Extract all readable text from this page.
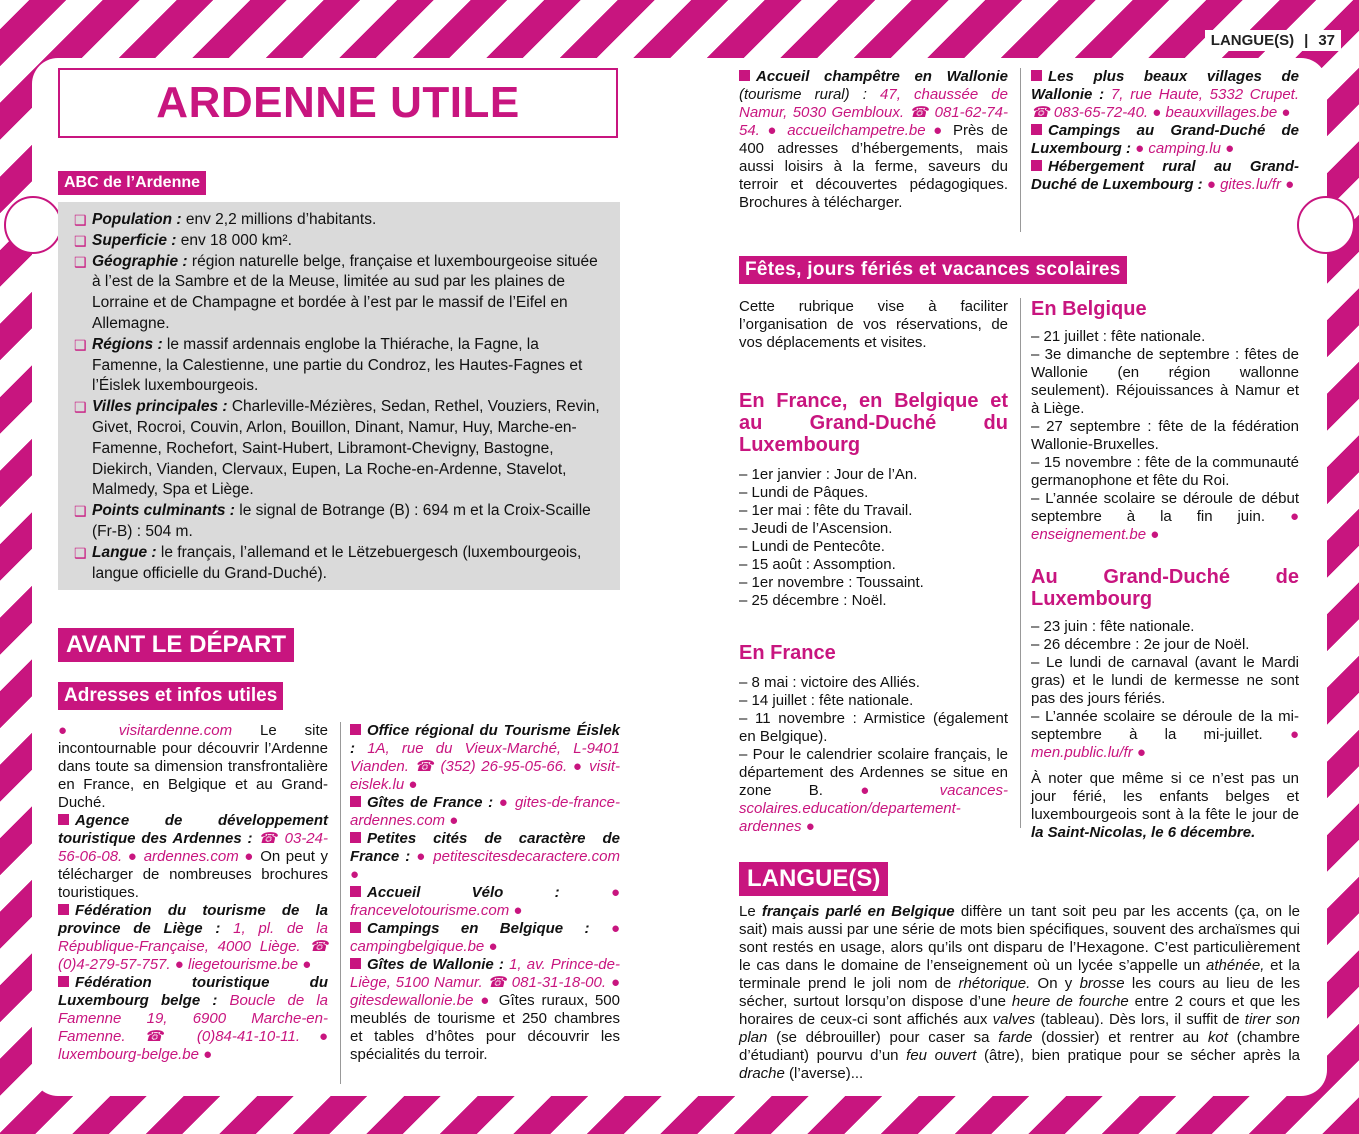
LANGUE(S) | 37
ARDENNE UTILE
ABC de l’Ardenne
❑ Population : env 2,2 millions d’habitants.
❑ Superficie : env 18 000 km².
❑ Géographie : région naturelle belge, française et luxembourgeoise située à l’est de la Sambre et de la Meuse, limitée au sud par les plaines de Lorraine et de Champagne et bordée à l’est par le massif de l’Eifel en Allemagne.
❑ Régions : le massif ardennais englobe la Thiérache, la Fagne, la Famenne, la Calestienne, une partie du Condroz, les Hautes-Fagnes et l’Éislek luxembourgeois.
❑ Villes principales : Charleville-Mézières, Sedan, Rethel, Vouziers, Revin, Givet, Rocroi, Couvin, Arlon, Bouillon, Dinant, Namur, Huy, Marche-en-Famenne, Rochefort, Saint-Hubert, Libramont-Chevigny, Bastogne, Diekirch, Vianden, Clervaux, Eupen, La Roche-en-Ardenne, Stavelot, Malmedy, Spa et Liège.
❑ Points culminants : le signal de Botrange (B) : 694 m et la Croix-Scaille (Fr-B) : 504 m.
❑ Langue : le français, l’allemand et le Lëtzebuergesch (luxembourgeois, langue officielle du Grand-Duché).
AVANT LE DÉPART
Adresses et infos utiles

● visitardenne.com Le site incontournable pour découvrir l’Ardenne dans toute sa dimension transfrontalière en France, en Belgique et au Grand-Duché.

Agence de développement touristique des Ardennes : ☎ 03-24-56-06-08. ● ardennes.com ● On peut y télécharger de nombreuses brochures touristiques.

Fédération du tourisme de la province de Liège : 1, pl. de la République-Française, 4000 Liège. ☎ (0)4-279-57-757. ● liegetourisme.be ●

Fédération touristique du Luxembourg belge : Boucle de la Famenne 19, 6900 Marche-en-Famenne. ☎ (0)84-41-10-11. ● luxembourg-belge.be ●

Office régional du Tourisme Éislek : 1A, rue du Vieux-Marché, L-9401 Vianden. ☎ (352) 26-95-05-66. ● visit-eislek.lu ●

Gîtes de France : ● gites-de-france-ardennes.com ●

Petites cités de caractère de France : ● petitescitesdecaractere.com ●

Accueil Vélo :	● francevelotourisme.com ●

Campings en Belgique : ● campingbelgique.be ●

Gîtes de Wallonie : 1, av. Prince-de-Liège, 5100 Namur. ☎ 081-31-18-00. ● gitesdewallonie.be ● Gîtes ruraux, 500 meublés de tourisme et 250 chambres et tables d’hôtes pour découvrir les spécialités du terroir.

Accueil champêtre en Wallonie (tourisme rural) : 47, chaussée de Namur, 5030 Gembloux. ☎ 081-62-74-54. ● accueilchampetre.be ● Près de 400 adresses d’hébergements, mais aussi loisirs à la ferme, saveurs du terroir et découvertes pédagogiques. Brochures à télécharger.

Les plus beaux villages de Wallonie : 7, rue Haute, 5332 Crupet. ☎ 083-65-72-40. ● beauxvillages.be ●

Campings au Grand-Duché de Luxembourg : ● camping.lu ●

Hébergement rural au Grand-Duché de Luxembourg : ● gites.lu/fr ●

Fêtes, jours fériés et vacances scolaires

Cette rubrique vise à faciliter l’organisation de vos réservations, de vos déplacements et visites.

En France, en Belgique et au Grand-Duché du Luxembourg

– 1er janvier : Jour de l’An.
– Lundi de Pâques.
– 1er mai : fête du Travail.
– Jeudi de l’Ascension.
– Lundi de Pentecôte.
– 15 août : Assomption.
– 1er novembre : Toussaint.
– 25 décembre : Noël.

En France

– 8 mai : victoire des Alliés.
– 14 juillet : fête nationale.
– 11 novembre : Armistice (également en Belgique).

– Pour le calendrier scolaire français, le département des Ardennes se situe en zone B. ● vacances-scolaires.education/departement-ardennes ●

En Belgique

– 21 juillet : fête nationale.
– 3e dimanche de septembre : fêtes de Wallonie (en région wallonne seulement). Réjouissances à Namur et à Liège.
– 27 septembre : fête de la fédération Wallonie-Bruxelles.
– 15 novembre : fête de la communauté germanophone et fête du Roi.

– L’année scolaire se déroule de début septembre à la fin juin. ● enseignement.be ●

Au Grand-Duché de Luxembourg

– 23 juin : fête nationale.
– 26 décembre : 2e jour de Noël.
– Le lundi de carnaval (avant le Mardi gras) et le lundi de kermesse ne sont pas des jours fériés.

– L’année scolaire se déroule de la mi-septembre à la mi-juillet. ● men.public.lu/fr ●

À noter que même si ce n’est pas un jour férié, les enfants belges et luxembourgeois sont à la fête le jour de la Saint-Nicolas, le 6 décembre.

LANGUE(S)

Le français parlé en Belgique diffère un tant soit peu par les accents (ça, on le sait) mais aussi par une série de mots bien spécifiques, souvent des archaïsmes qui sont restés en usage, alors qu’ils ont disparu de l’Hexagone. C’est particulièrement le cas dans le domaine de l’enseignement où un lycée s’appelle un athénée, et la terminale prend le joli nom de rhétorique. On y brosse les cours au lieu de les sécher, surtout lorsqu’on dispose d’une heure de fourche entre 2 cours et que les horaires de ceux-ci sont affichés aux valves (tableau). Dès lors, il suffit de tirer son plan (se débrouiller) pour caser sa farde (dossier) et rentrer au kot (chambre d’étudiant) pourvu d’un feu ouvert (âtre), bien pratique pour se sécher après la drache (l’averse)...
